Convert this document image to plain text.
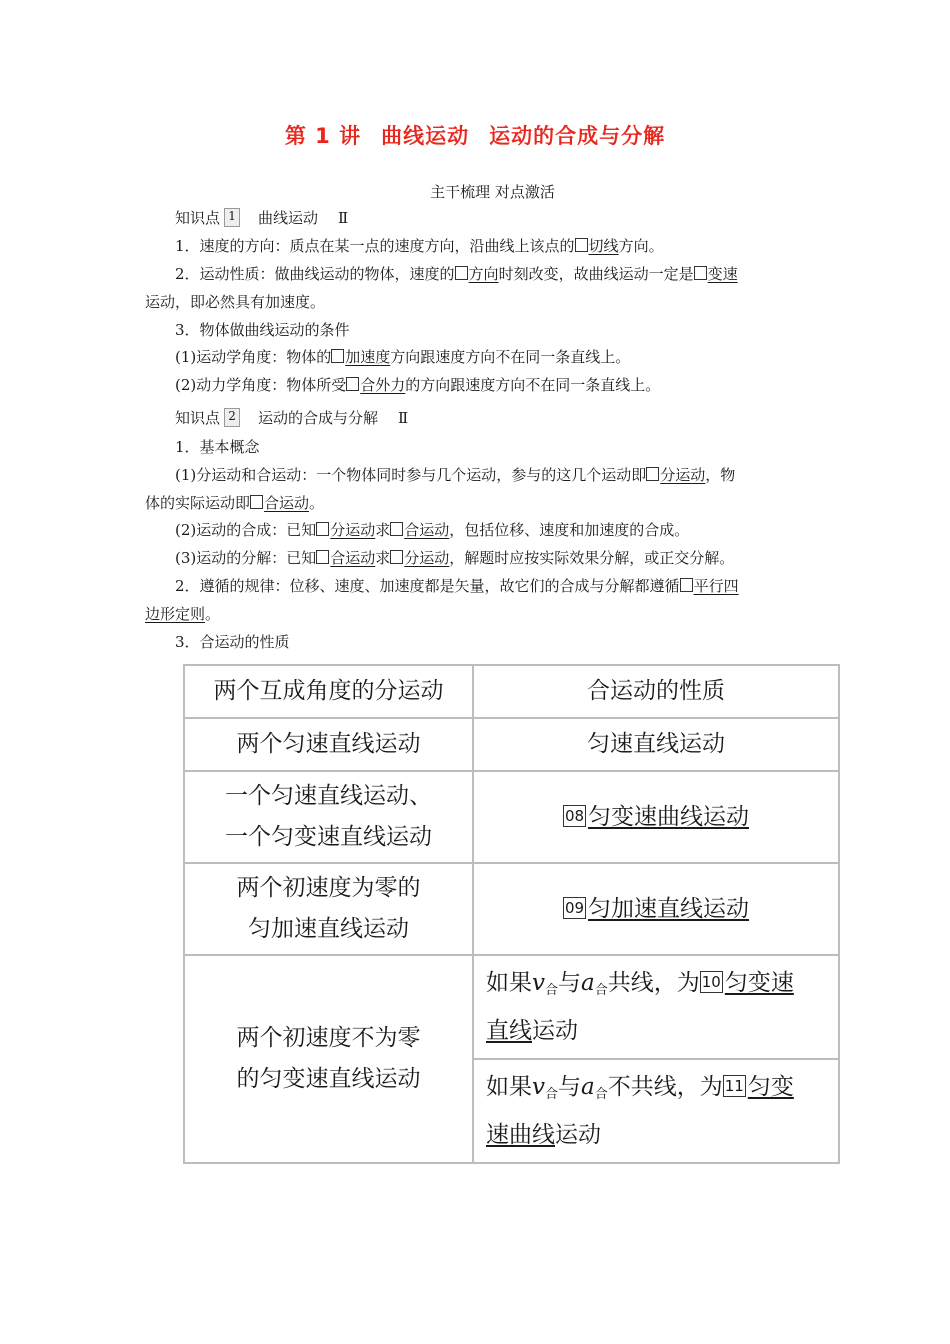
第 1 讲 曲线运动 运动的合成与分解
主干梳理 对点激活
知识点 1 曲线运动 Ⅱ
1．速度的方向：质点在某一点的速度方向，沿曲线上该点的 切线方向。
2．运动性质：做曲线运动的物体，速度的 方向时刻改变，故曲线运动一定是 变速
运动，即必然具有加速度。
3．物体做曲线运动的条件
(1)运动学角度：物体的 加速度方向跟速度方向不在同一条直线上。
(2)动力学角度：物体所受 合外力的方向跟速度方向不在同一条直线上。
知识点 2 运动的合成与分解 Ⅱ
1．基本概念
(1)分运动和合运动：一个物体同时参与几个运动，参与的这几个运动即 分运动，物
体的实际运动即 合运动。
(2)运动的合成：已知 分运动求 合运动，包括位移、速度和加速度的合成。
(3)运动的分解：已知 合运动求 分运动，解题时应按实际效果分解，或正交分解。
2．遵循的规律：位移、速度、加速度都是矢量，故它们的合成与分解都遵循 平行四
边形定则。
3．合运动的性质
两个互成角度的分运动	合运动的性质
两个匀速直线运动	匀速直线运动
一个匀速直线运动、
一个匀变速直线运动	08 匀变速曲线运动
两个初速度为零的
匀加速直线运动	09 匀加速直线运动
两个初速度不为零
的匀变速直线运动	如果$v_合$与$a_合$共线，为 10 匀变速
直线运动
	如果$v_合$与$a_合$不共线，为 11 匀变
速曲线运动
